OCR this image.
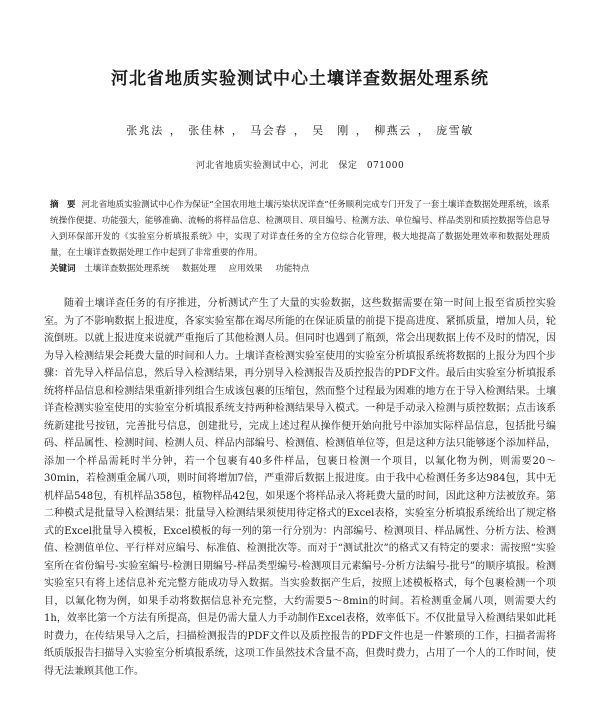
河北省地质实验测试中心土壤详查数据处理系统
张兆法 ， 张佳林 ， 马会春 ， 吴　刚 ， 柳燕云 ， 庞雪敏
河北省地质实验测试中心，河北　保定　071000
摘　要 河北省地质实验测试中心作为保证“全国农用地土壤污染状况详查”任务顺利完成专门开发了一套土壤详查数据处理系统，该系统操作便捷、功能强大，能够准确、流畅的将样品信息、检测项目、项目编号、检测方法、单位编号、样品类别和质控数据等信息导入到环保部开发的《实验室分析填报系统》中，实现了对详查任务的全方位综合化管理，极大地提高了数据处理效率和数据处理质量，在土壤详查数据处理工作中起到了非常重要的作用。
关键词 土壤详查数据处理系统 数据处理 应用效果 功能特点

随着土壤详查任务的有序推进，分析测试产生了大量的实验数据，这些数据需要在第一时间上报至省质控实验室。为了不影响数据上报进度，各家实验室都在竭尽所能的在保证质量的前提下提高进度、紧抓质量，增加人员，轮流倒班。以就上报进度来说就严重拖后了其他检测人员。但同时也遇到了瓶颈，常会出现数据上传不及时的情况，因为导入检测结果会耗费大量的时间和人力。土壤详查检测实验室使用的实验室分析填报系统将数据的上报分为四个步骤：首先导入样品信息，然后导入检测结果，再分别导入检测报告及质控报告的PDF文件。最后由实验室分析填报系统将样品信息和检测结果重新排列组合生成该包裹的压缩包，然而整个过程最为困难的地方在于导入检测结果。土壤详查检测实验室使用的实验室分析填报系统支持两种检测结果导入模式。一种是手动录入检测与质控数据；点击该系统新建批号按钮，完善批号信息，创建批号，完成上述过程从操作便开始向批号中添加实际样品信息，包括批号编码、样品属性、检测时间、检测人员、样品内部编号、检测值、检测值单位等，但是这种方法只能够逐个添加样品，添加一个样品需耗时半分钟，若一个包裹有40多件样品，包裹日检测一个项目，以氟化物为例，则需要20～30min，若检测重金属八项，则时间将增加7倍，严重滞后数据上报进度。由于我中心检测任务多达984包，其中无机样品548包，有机样品358包，植物样品42包，如果逐个将样品录入将耗费大量的时间，因此这种方法被放弃。第二种模式是批量导入检测结果：批量导入检测结果须使用待定格式的Excel表格，实验室分析填报系统给出了规定格式的Excel批量导入模板，Excel模板的每一列的第一行分别为：内部编号、检测项目、样品属性、分析方法、检测值、检测值单位、平行样对应编号、标准值、检测批次等。而对于“测试批次”的格式又有特定的要求：需按照“实验室所在省份编号-实验室编号-检测日期编号-样品类型编号-检测项目元素编号-分析方法编号-批号”的顺序填报。检测实验室只有将上述信息补充完整方能成功导入数据。当实验数据产生后，按照上述模板格式，每个包裹检测一个项目，以氟化物为例，如果手动将数据信息补充完整，大约需要5～8min的时间。若检测重金属八项，则需要大约1h，效率比第一个方法有所提高，但是仍需大量人力手动制作Excel表格，效率低下。不仅批量导入检测结果如此耗时费力，在传结果导入之后，扫描检测报告的PDF文件以及质控报告的PDF文件也是一件繁琐的工作，扫描者需将纸质版报告扫描导入实验室分析填报系统，这项工作虽然技术含量不高，但费时费力，占用了一个人的工作时间，使得无法兼顾其他工作。
